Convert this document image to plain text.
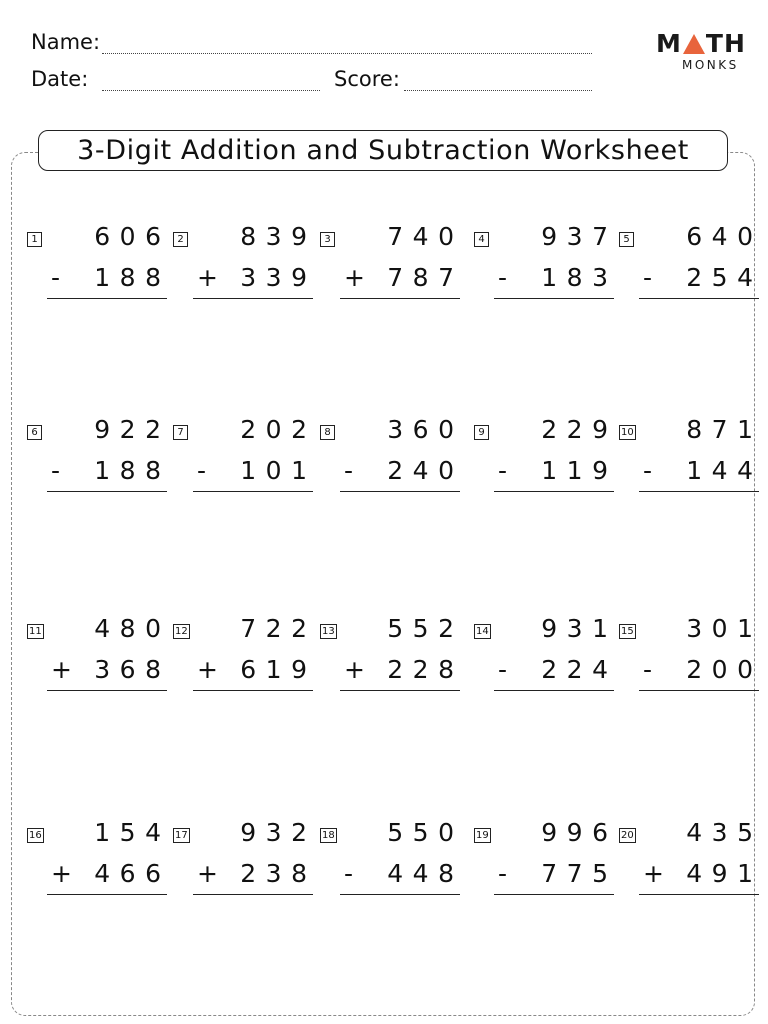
Name:
Date:	Score:
M TH
MONKS
3-Digit Addition and Subtraction Worksheet
1 606
- 188
2 839
+ 339
3 740
+ 787
4 937
- 183
5 640
- 254
6 922
- 188
7 202
- 101
8 360
- 240
9 229
- 119
10 871
- 144
11 480
+ 368
12 722
+ 619
13 552
+ 228
14 931
- 224
15 301
- 200
16 154
+ 466
17 932
+ 238
18 550
- 448
19 996
- 775
20 435
+ 491
